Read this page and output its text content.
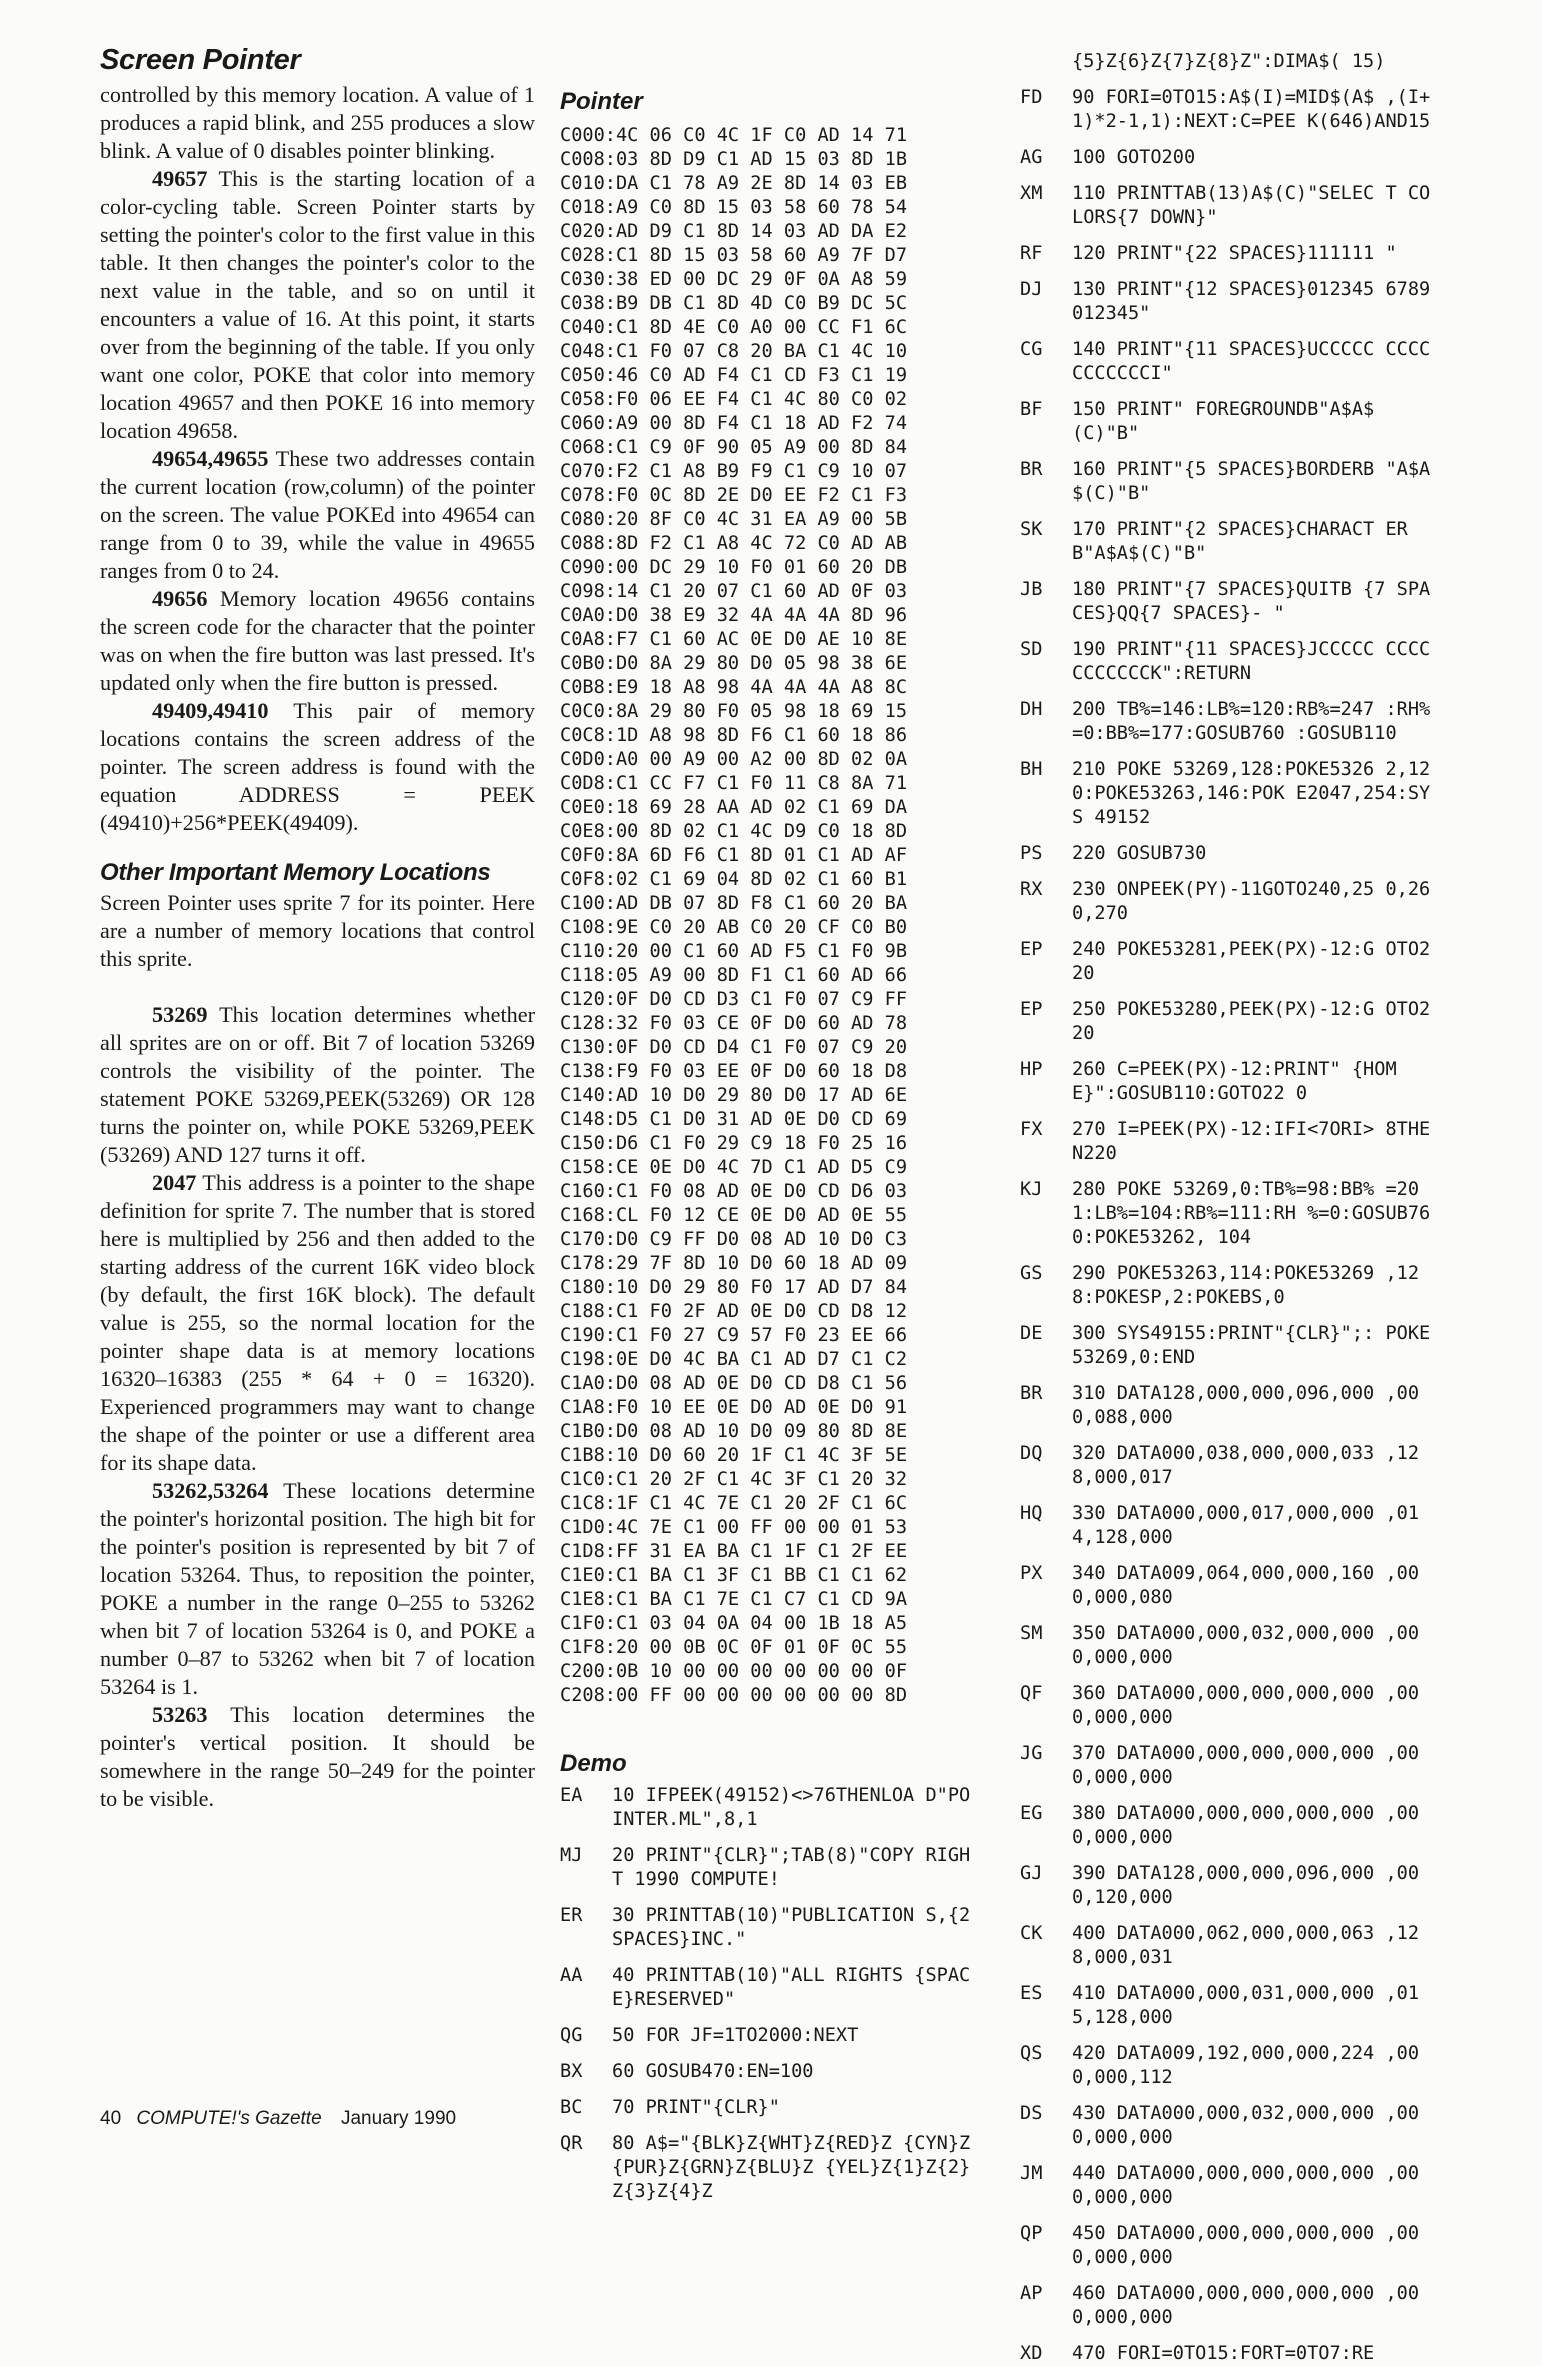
Screen Pointer

controlled by this memory location. A value of 1 produces a rapid blink, and 255 produces a slow blink. A value of 0 disables pointer blinking.

49657 This is the starting location of a color-cycling table. Screen Pointer starts by setting the pointer's color to the first value in this table. It then changes the pointer's color to the next value in the table, and so on until it encounters a value of 16. At this point, it starts over from the beginning of the table. If you only want one color, POKE that color into memory location 49657 and then POKE 16 into memory location 49658.

49654,49655 These two addresses contain the current location (row,column) of the pointer on the screen. The value POKEd into 49654 can range from 0 to 39, while the value in 49655 ranges from 0 to 24.

49656 Memory location 49656 contains the screen code for the character that the pointer was on when the fire button was last pressed. It's updated only when the fire button is pressed.

49409,49410 This pair of memory locations contains the screen address of the pointer. The screen address is found with the equation ADDRESS = PEEK (49410)+256*PEEK(49409).

Other Important Memory Locations

Screen Pointer uses sprite 7 for its pointer. Here are a number of memory locations that control this sprite.

53269 This location determines whether all sprites are on or off. Bit 7 of location 53269 controls the visibility of the pointer. The statement POKE 53269,PEEK(53269) OR 128 turns the pointer on, while POKE 53269,PEEK (53269) AND 127 turns it off.

2047 This address is a pointer to the shape definition for sprite 7. The number that is stored here is multiplied by 256 and then added to the starting address of the current 16K video block (by default, the first 16K block). The default value is 255, so the normal location for the pointer shape data is at memory locations 16320–16383 (255 * 64 + 0 = 16320). Experienced programmers may want to change the shape of the pointer or use a different area for its shape data.

53262,53264 These locations determine the pointer's horizontal position. The high bit for the pointer's position is represented by bit 7 of location 53264. Thus, to reposition the pointer, POKE a number in the range 0–255 to 53262 when bit 7 of location 53264 is 0, and POKE a number 0–87 to 53262 when bit 7 of location 53264 is 1.

53263 This location determines the pointer's vertical position. It should be somewhere in the range 50–249 for the pointer to be visible.

Pointer
C000:4C 06 C0 4C 1F C0 AD 14 71
C008:03 8D D9 C1 AD 15 03 8D 1B
C010:DA C1 78 A9 2E 8D 14 03 EB
C018:A9 C0 8D 15 03 58 60 78 54
C020:AD D9 C1 8D 14 03 AD DA E2
C028:C1 8D 15 03 58 60 A9 7F D7
C030:38 ED 00 DC 29 0F 0A A8 59
C038:B9 DB C1 8D 4D C0 B9 DC 5C
C040:C1 8D 4E C0 A0 00 CC F1 6C
C048:C1 F0 07 C8 20 BA C1 4C 10
C050:46 C0 AD F4 C1 CD F3 C1 19
C058:F0 06 EE F4 C1 4C 80 C0 02
C060:A9 00 8D F4 C1 18 AD F2 74
C068:C1 C9 0F 90 05 A9 00 8D 84
C070:F2 C1 A8 B9 F9 C1 C9 10 07
C078:F0 0C 8D 2E D0 EE F2 C1 F3
C080:20 8F C0 4C 31 EA A9 00 5B
C088:8D F2 C1 A8 4C 72 C0 AD AB
C090:00 DC 29 10 F0 01 60 20 DB
C098:14 C1 20 07 C1 60 AD 0F 03
C0A0:D0 38 E9 32 4A 4A 4A 8D 96
C0A8:F7 C1 60 AC 0E D0 AE 10 8E
C0B0:D0 8A 29 80 D0 05 98 38 6E
C0B8:E9 18 A8 98 4A 4A 4A A8 8C
C0C0:8A 29 80 F0 05 98 18 69 15
C0C8:1D A8 98 8D F6 C1 60 18 86
C0D0:A0 00 A9 00 A2 00 8D 02 0A
C0D8:C1 CC F7 C1 F0 11 C8 8A 71
C0E0:18 69 28 AA AD 02 C1 69 DA
C0E8:00 8D 02 C1 4C D9 C0 18 8D
C0F0:8A 6D F6 C1 8D 01 C1 AD AF
C0F8:02 C1 69 04 8D 02 C1 60 B1
C100:AD DB 07 8D F8 C1 60 20 BA
C108:9E C0 20 AB C0 20 CF C0 B0
C110:20 00 C1 60 AD F5 C1 F0 9B
C118:05 A9 00 8D F1 C1 60 AD 66
C120:0F D0 CD D3 C1 F0 07 C9 FF
C128:32 F0 03 CE 0F D0 60 AD 78
C130:0F D0 CD D4 C1 F0 07 C9 20
C138:F9 F0 03 EE 0F D0 60 18 D8
C140:AD 10 D0 29 80 D0 17 AD 6E
C148:D5 C1 D0 31 AD 0E D0 CD 69
C150:D6 C1 F0 29 C9 18 F0 25 16
C158:CE 0E D0 4C 7D C1 AD D5 C9
C160:C1 F0 08 AD 0E D0 CD D6 03
C168:CL F0 12 CE 0E D0 AD 0E 55
C170:D0 C9 FF D0 08 AD 10 D0 C3
C178:29 7F 8D 10 D0 60 18 AD 09
C180:10 D0 29 80 F0 17 AD D7 84
C188:C1 F0 2F AD 0E D0 CD D8 12
C190:C1 F0 27 C9 57 F0 23 EE 66
C198:0E D0 4C BA C1 AD D7 C1 C2
C1A0:D0 08 AD 0E D0 CD D8 C1 56
C1A8:F0 10 EE 0E D0 AD 0E D0 91
C1B0:D0 08 AD 10 D0 09 80 8D 8E
C1B8:10 D0 60 20 1F C1 4C 3F 5E
C1C0:C1 20 2F C1 4C 3F C1 20 32
C1C8:1F C1 4C 7E C1 20 2F C1 6C
C1D0:4C 7E C1 00 FF 00 00 01 53
C1D8:FF 31 EA BA C1 1F C1 2F EE
C1E0:C1 BA C1 3F C1 BB C1 C1 62
C1E8:C1 BA C1 7E C1 C7 C1 CD 9A
C1F0:C1 03 04 0A 04 00 1B 18 A5
C1F8:20 00 0B 0C 0F 01 0F 0C 55
C200:0B 10 00 00 00 00 00 00 0F
C208:00 FF 00 00 00 00 00 00 8D
Demo
EA	10 IFPEEK(49152)<>76THENLOA D"POINTER.ML",8,1
MJ	20 PRINT"{CLR}";TAB(8)"COPY RIGHT 1990 COMPUTE!
ER	30 PRINTTAB(10)"PUBLICATION S,{2 SPACES}INC."
AA	40 PRINTTAB(10)"ALL RIGHTS {SPACE}RESERVED"
QG	50 FOR JF=1TO2000:NEXT
BX	60 GOSUB470:EN=100
BC	70 PRINT"{CLR}"
QR	80 A$="{BLK}Z{WHT}Z{RED}Z {CYN}Z{PUR}Z{GRN}Z{BLU}Z {YEL}Z{1}Z{2}Z{3}Z{4}Z
{5}Z{6}Z{7}Z{8}Z":DIMA$( 15)
FD	90 FORI=0TO15:A$(I)=MID$(A$ ,(I+1)*2-1,1):NEXT:C=PEE K(646)AND15
AG	100 GOTO200
XM	110 PRINTTAB(13)A$(C)"SELEC T COLORS{7 DOWN}"
RF	120 PRINT"{22 SPACES}111111 "
DJ	130 PRINT"{12 SPACES}012345 6789012345"
CG	140 PRINT"{11 SPACES}UCCCCC CCCCCCCCCCCI"
BF	150 PRINT" FOREGROUNDB"A$A$ (C)"B"
BR	160 PRINT"{5 SPACES}BORDERB "A$A$(C)"B"
SK	170 PRINT"{2 SPACES}CHARACT ERB"A$A$(C)"B"
JB	180 PRINT"{7 SPACES}QUITB {7 SPACES}QQ{7 SPACES}- "
SD	190 PRINT"{11 SPACES}JCCCCC CCCCCCCCCCCK":RETURN
DH	200 TB%=146:LB%=120:RB%=247 :RH%=0:BB%=177:GOSUB760 :GOSUB110
BH	210 POKE 53269,128:POKE5326 2,120:POKE53263,146:POK E2047,254:SYS 49152
PS	220 GOSUB730
RX	230 ONPEEK(PY)-11GOTO240,25 0,260,270
EP	240 POKE53281,PEEK(PX)-12:G OTO220
EP	250 POKE53280,PEEK(PX)-12:G OTO220
HP	260 C=PEEK(PX)-12:PRINT" {HOME}":GOSUB110:GOTO22 0
FX	270 I=PEEK(PX)-12:IFI<7ORI> 8THEN220
KJ	280 POKE 53269,0:TB%=98:BB% =201:LB%=104:RB%=111:RH %=0:GOSUB760:POKE53262, 104
GS	290 POKE53263,114:POKE53269 ,128:POKESP,2:POKEBS,0
DE	300 SYS49155:PRINT"{CLR}";: POKE53269,0:END
BR	310 DATA128,000,000,096,000 ,000,088,000
DQ	320 DATA000,038,000,000,033 ,128,000,017
HQ	330 DATA000,000,017,000,000 ,014,128,000
PX	340 DATA009,064,000,000,160 ,000,000,080
SM	350 DATA000,000,032,000,000 ,000,000,000
QF	360 DATA000,000,000,000,000 ,000,000,000
JG	370 DATA000,000,000,000,000 ,000,000,000
EG	380 DATA000,000,000,000,000 ,000,000,000
GJ	390 DATA128,000,000,096,000 ,000,120,000
CK	400 DATA000,062,000,000,063 ,128,000,031
ES	410 DATA000,000,031,000,000 ,015,128,000
QS	420 DATA009,192,000,000,224 ,000,000,112
DS	430 DATA000,000,032,000,000 ,000,000,000
JM	440 DATA000,000,000,000,000 ,000,000,000
QP	450 DATA000,000,000,000,000 ,000,000,000
AP	460 DATA000,000,000,000,000 ,000,000,000
XD	470 FORI=0TO15:FORT=0TO7:RE
40 COMPUTE!'s Gazette January 1990
